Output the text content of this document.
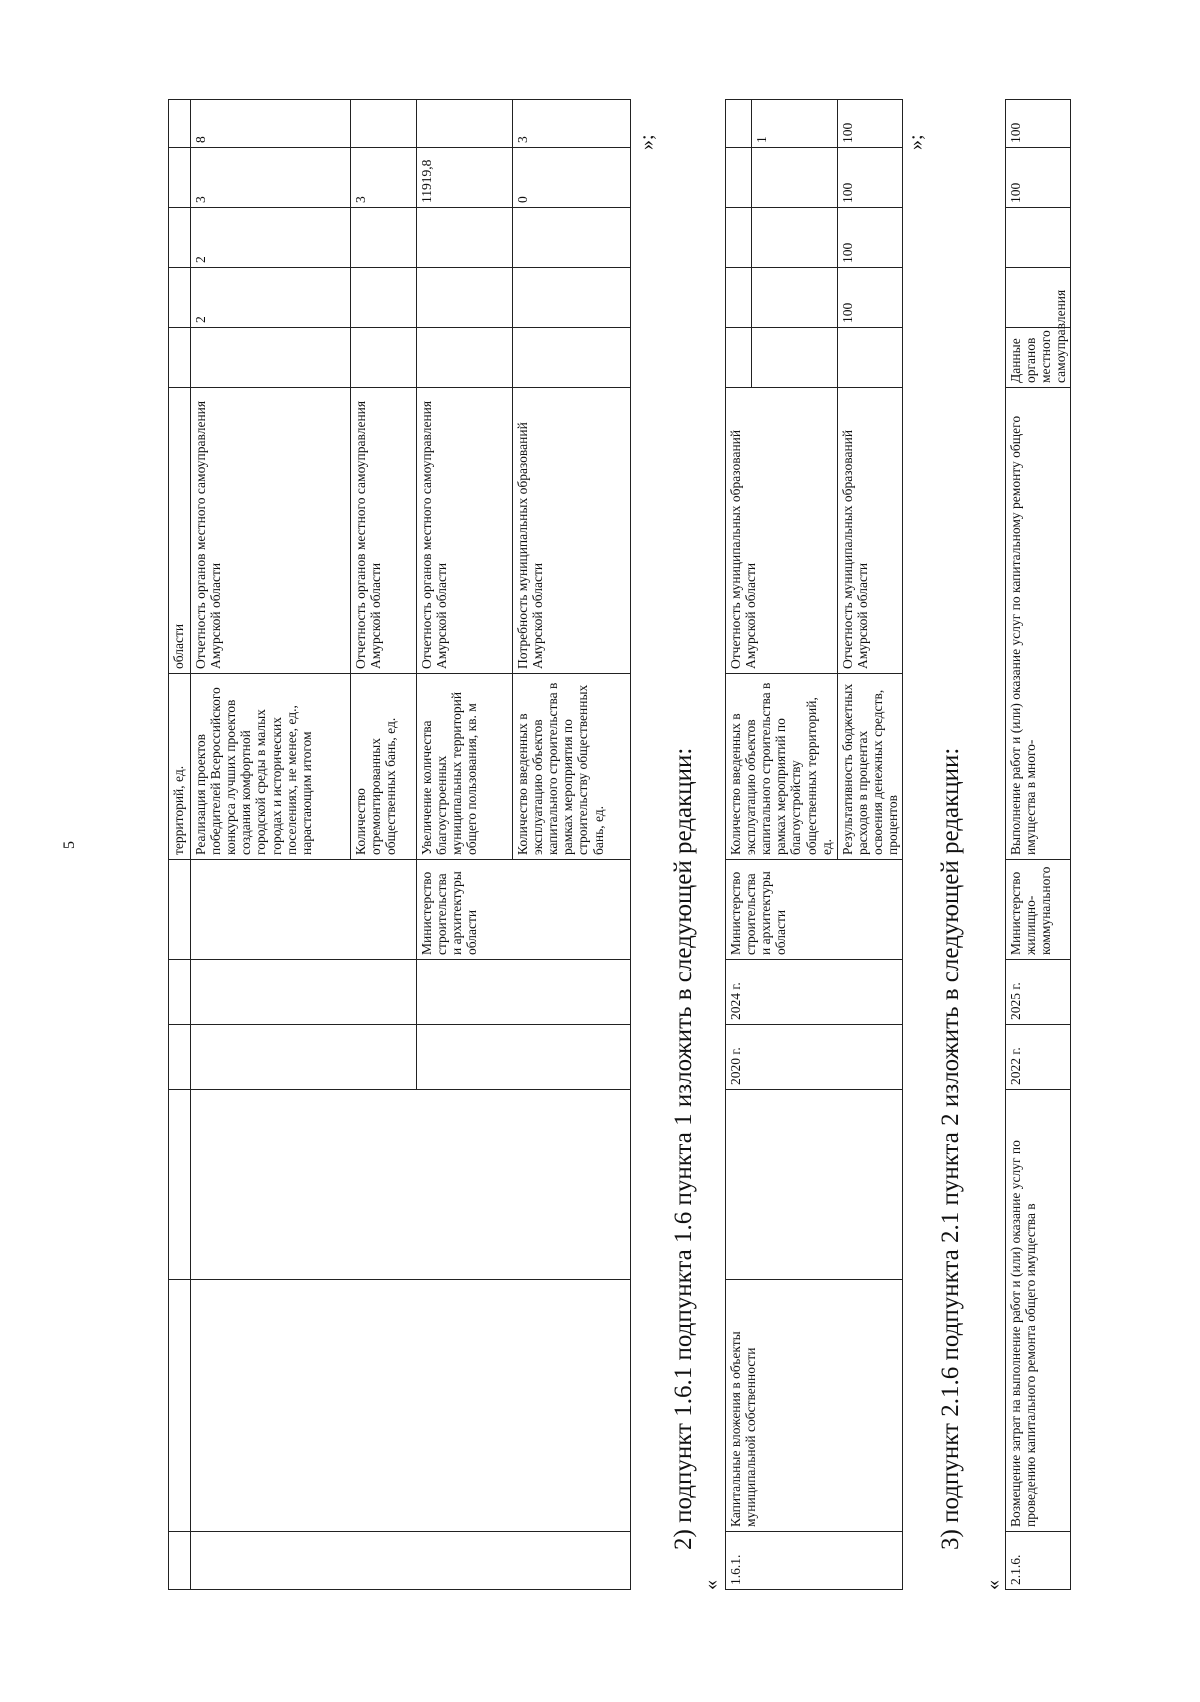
5
							территорий, ед.	области					
						Реализация проектов победителей Всероссийского конкурса лучших проектов создания комфортной городской среды в малых городах и исторических поселениях, не менее, ед., нарастающим итогом	Отчетность органов местного самоуправления Амурской области		2	2	3	8
						Количество отремонтированных общественных бань, ед.	Отчетность органов местного самоуправления Амурской области				3	
					Министерство строительства и архитектуры области	Увеличение количества благоустроенных муниципальных территорий общего пользования, кв. м	Отчетность органов местного самоуправления Амурской области				11919,8	
						Количество введенных в эксплуатацию объектов капитального строительства в рамках мероприятия по строительству общественных бань, ед.	Потребность муниципальных образований Амурской области				0	3	»;
2) подпункт 1.6.1 подпункта 1.6 пункта 1 изложить в следующей редакции:
« 1.6.1.	Капитальные вложения в объекты муниципальной собственности		2020 г.	2024 г.	Министерство строительства и архитектуры области	Количество введенных в эксплуатацию объектов капитального строительства в рамках мероприятий по благоустройству общественных территорий, ед.	Отчетность муниципальных образований Амурской области					
												1
						Результативность бюджетных расходов в процентах освоения денежных средств, процентов	Отчетность муниципальных образований Амурской области		100	100	100	100	»;
3) подпункт 2.1.6 подпункта 2.1 пункта 2 изложить в следующей редакции:
« 2.1.6.	Возмещение затрат на выполнение работ и (или) оказание услуг по проведению капитального ремонта общего имущества в	2022 г.	2025 г.	Министерство жилищно-коммунального	Выполнение работ и (или) оказание услуг по капитальному ремонту общего имущества в много-	Данные органов местного самоуправления			100	100
